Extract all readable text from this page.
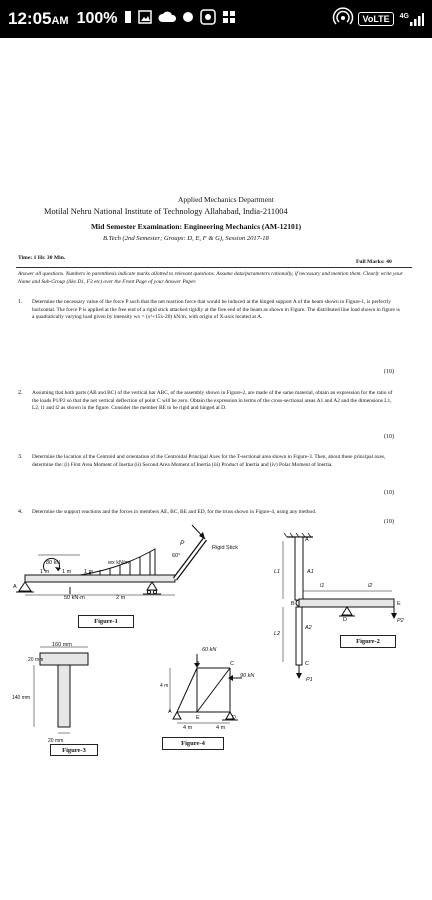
12:05AM 100%	VoLTE	4G
Applied Mechanics Department
Motilal Nehru National Institute of Technology Allahabad, India-211004
Mid Semester Examination: Engineering Mechanics (AM-12101)
B.Tech (2nd Semester; Groups: D, E, F & G), Session 2017-18
Time: 1 Hr. 30 Min.
Full Marks: 40
Answer all questions. Numbers in parenthesis indicate marks allotted to relevant questions. Assume data/parameters rationally, if necessary and mention them. Clearly write your Name and Sub-Group (like D1, F3 etc) over the Front Page of your Answer Paper.
1. Determine the necessary value of the force P such that the net reaction force that would be induced at the hinged support A of the beam shown in Figure-1, is perfectly horizontal. The force P is applied at the free end of a rigid stick attached rigidly at the free end of the beam as shown in Figure. The distributed line load shown in figure is a quadratically varying load given by intensity wx = (x²+15x-20) kN/m, with origin of X-axis located at A.
(10)
2. Assuming that both parts (AB and BC) of the vertical bar ABC, of the assembly shown in Figure-2, are made of the same material, obtain an expression for the ratio of the loads P1/P2 so that the net vertical deflection of point C will be zero. Obtain the expression in terms of the cross-sectional areas A1 and A2 and the dimensions L1, L2, l1 and l2 as shown in the figure. Consider the member BE to be rigid and hinged at D.
(10)
3. Determine the location of the Centroid and orientation of the Centroidal Principal Axes for the T-sectional area shown in Figure-3. Then, about these principal axes, determine the: (i) First Area Moment of Inertia (ii) Second Area Moment of Inertia (iii) Product of Inertia and (iv) Polar Moment of Inertia.
(10)
4. Determine the support reactions and the forces in members AE, BC, BE and ED, for the truss shown in Figure-4, using any method.
(10)
80 kN	wx kN/m
1 m 1 m 1 m
50 kN-m	2 m
60°
P
Rigid Stick
A
Figure-1
A
L1	A1
B
l1	l2
D
E
L2
A2
C
P1
P2
Figure-2
160 mm
20 mm
140 mm
20 mm
Figure-3
60 kN
90 kN
B	C
4 m
A
E	D
4 m	4 m
Figure-4
